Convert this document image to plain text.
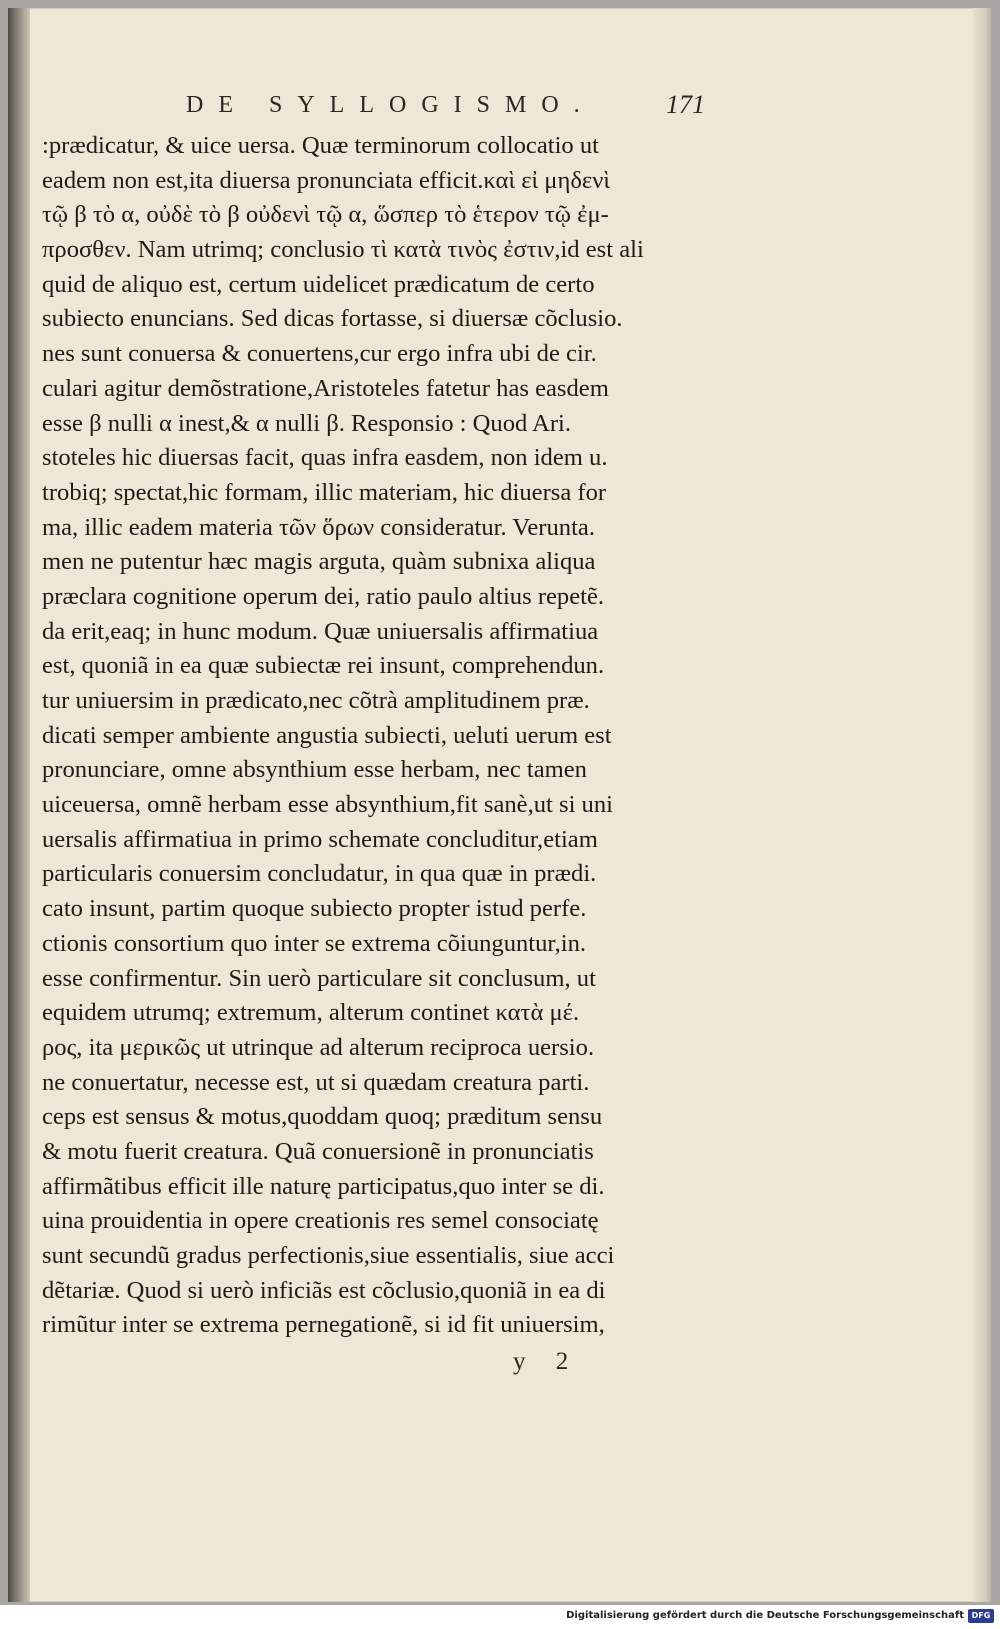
DE SYLLOGISMO.	171
:prædicatur, & uice uersa. Quæ terminorum collocatio ut
eadem non est,ita diuersa pronunciata efficit.καὶ εἰ μηδενὶ
τῷ β τὸ α, οὐδὲ τὸ β οὐδενὶ τῷ α, ὥσπερ τὸ ἑτερον τῷ ἐμ-
προσθεν. Nam utrimq; conclusio τὶ κατὰ τινὸς ἐστιν,id est ali
quid de aliquo est, certum uidelicet prædicatum de certo
subiecto enuncians. Sed dicas fortasse, si diuersæ cõclusio.
nes sunt conuersa & conuertens,cur ergo infra ubi de cir.
culari agitur demõstratione,Aristoteles fatetur has easdem
esse β nulli α inest,& α nulli β. Responsio : Quod Ari.
stoteles hic diuersas facit, quas infra easdem, non idem u.
trobiq; spectat,hic formam, illic materiam, hic diuersa for
ma, illic eadem materia τῶν ὅρων consideratur. Verunta.
men ne putentur hæc magis arguta, quàm subnixa aliqua
præclara cognitione operum dei, ratio paulo altius repetẽ.
da erit,eaq; in hunc modum. Quæ uniuersalis affirmatiua
est, quoniã in ea quæ subiectæ rei insunt, comprehendun.
tur uniuersim in prædicato,nec cõtrà amplitudinem præ.
dicati semper ambiente angustia subiecti, ueluti uerum est
pronunciare, omne absynthium esse herbam, nec tamen
uiceuersa, omnẽ herbam esse absynthium,fit sanè,ut si uni
uersalis affirmatiua in primo schemate concluditur,etiam
particularis conuersim concludatur, in qua quæ in prædi.
cato insunt, partim quoque subiecto propter istud perfe.
ctionis consortium quo inter se extrema cõiunguntur,in.
esse confirmentur. Sin uerò particulare sit conclusum, ut
equidem utrumq; extremum, alterum continet κατὰ μέ.
ρος, ita μερικῶς ut utrinque ad alterum reciproca uersio.
ne conuertatur, necesse est, ut si quædam creatura parti.
ceps est sensus & motus,quoddam quoq; præditum sensu
& motu fuerit creatura. Quã conuersionẽ in pronunciatis
affirmãtibus efficit ille naturę participatus,quo inter se di.
uina prouidentia in opere creationis res semel consociatę
sunt secundũ gradus perfectionis,siue essentialis, siue acci
dẽtariæ. Quod si uerò inficiãs est cõclusio,quoniã in ea di
rimũtur inter se extrema pernegationẽ, si id fit uniuersim,
y 2
Digitalisierung gefördert durch die Deutsche Forschungsgemeinschaft DFG
